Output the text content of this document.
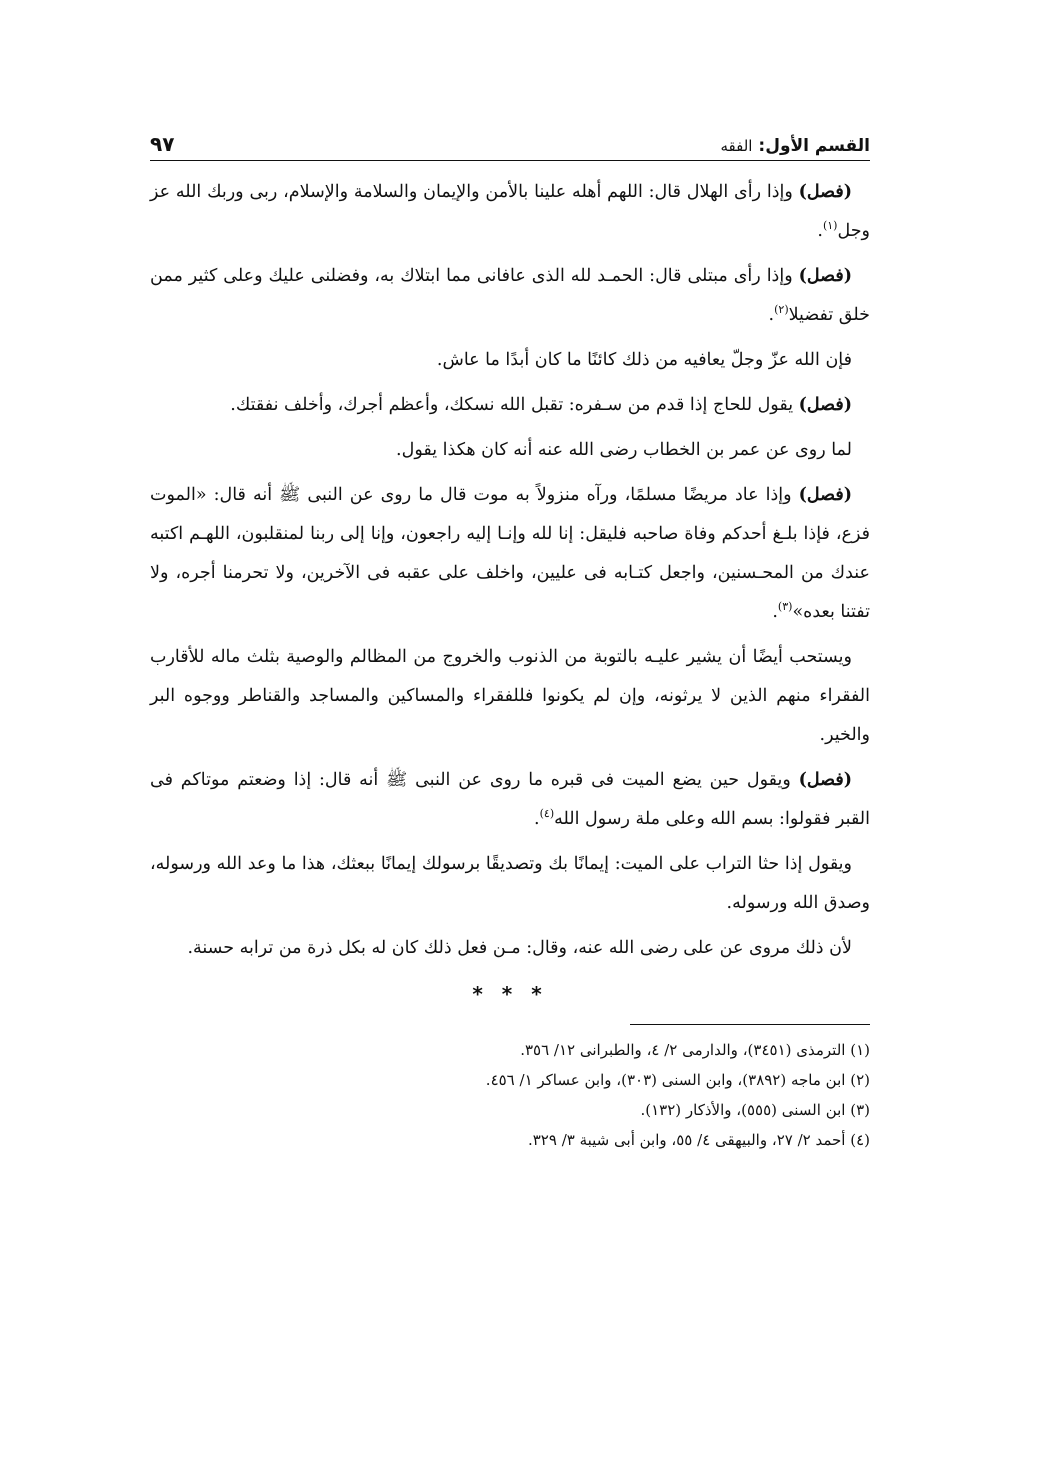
القسم الأول: الفقه
٩٧

(فصل) وإذا رأى الهلال قال: اللهم أهله علينا بالأمن والإيمان والسلامة والإسلام، ربى وربك الله عز وجل$^{(١)}$.

(فصل) وإذا رأى مبتلى قال: الحمـد لله الذى عافانى مما ابتلاك به، وفضلنى عليك وعلى كثير ممن خلق تفضيلا$^{(٢)}$.

فإن الله عزّ وجلّ يعافيه من ذلك كائنًا ما كان أبدًا ما عاش.

(فصل) يقول للحاج إذا قدم من سـفره: تقبل الله نسكك، وأعظم أجرك، وأخلف نفقتك.

لما روى عن عمر بن الخطاب رضى الله عنه أنه كان هكذا يقول.

(فصل) وإذا عاد مريضًا مسلمًا، ورآه منزولاً به موت قال ما روى عن النبى ﷺ أنه قال: «الموت فزع، فإذا بلـغ أحدكم وفاة صاحبه فليقل: إنا لله وإنـا إليه راجعون، وإنا إلى ربنا لمنقلبون، اللهـم اكتبه عندك من المحـسنين، واجعل كتـابه فى عليين، واخلف على عقبه فى الآخرين، ولا تحرمنا أجره، ولا تفتنا بعده»$^{(٣)}$.

ويستحب أيضًا أن يشير عليـه بالتوبة من الذنوب والخروج من المظالم والوصية بثلث ماله للأقارب الفقراء منهم الذين لا يرثونه، وإن لم يكونوا فللفقراء والمساكين والمساجد والقناطر ووجوه البر والخير.

(فصل) ويقول حين يضع الميت فى قبره ما روى عن النبى ﷺ أنه قال: إذا وضعتم موتاكم فى القبر فقولوا: بسم الله وعلى ملة رسول الله$^{(٤)}$.

ويقول إذا حثا التراب على الميت: إيمانًا بك وتصديقًا برسولك إيمانًا ببعثك، هذا ما وعد الله ورسوله، وصدق الله ورسوله.

لأن ذلك مروى عن على رضى الله عنه، وقال: مـن فعل ذلك كان له بكل ذرة من ترابه حسنة.

* * *

(١) الترمذى (٣٤٥١)، والدارمى ٢/ ٤، والطبرانى ١٢/ ٣٥٦.

(٢) ابن ماجه (٣٨٩٢)، وابن السنى (٣٠٣)، وابن عساكر ١/ ٤٥٦.

(٣) ابن السنى (٥٥٥)، والأذكار (١٣٢).

(٤) أحمد ٢/ ٢٧، والبيهقى ٤/ ٥٥، وابن أبى شيبة ٣/ ٣٢٩.
